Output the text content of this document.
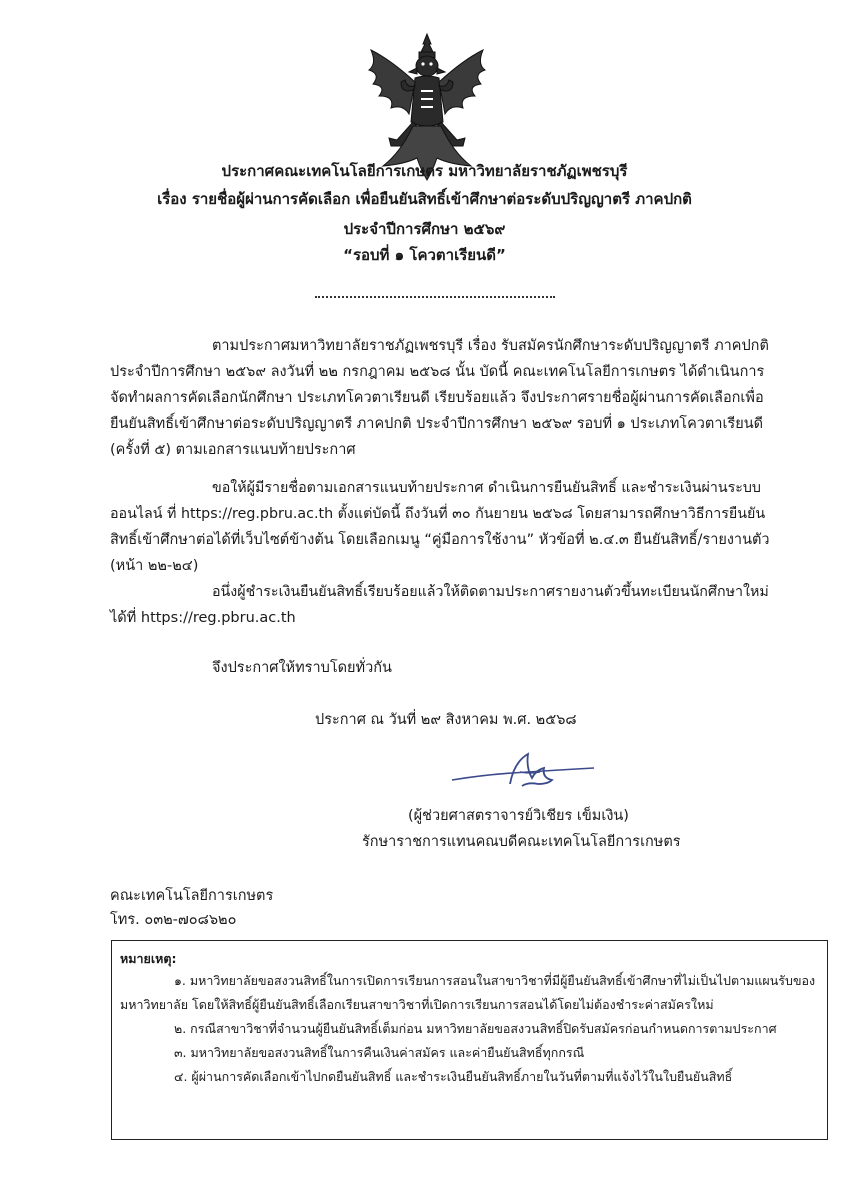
ประกาศคณะเทคโนโลยีการเกษตร มหาวิทยาลัยราชภัฏเพชรบุรี
เรื่อง รายชื่อผู้ผ่านการคัดเลือก เพื่อยืนยันสิทธิ์เข้าศึกษาต่อระดับปริญญาตรี ภาคปกติ
ประจำปีการศึกษา ๒๕๖๙
“รอบที่ ๑ โควตาเรียนดี”
ตามประกาศมหาวิทยาลัยราชภัฏเพชรบุรี เรื่อง รับสมัครนักศึกษาระดับปริญญาตรี ภาคปกติ
ประจำปีการศึกษา ๒๕๖๙ ลงวันที่ ๒๒ กรกฎาคม ๒๕๖๘ นั้น บัดนี้ คณะเทคโนโลยีการเกษตร ได้ดำเนินการ
จัดทำผลการคัดเลือกนักศึกษา ประเภทโควตาเรียนดี เรียบร้อยแล้ว จึงประกาศรายชื่อผู้ผ่านการคัดเลือกเพื่อ
ยืนยันสิทธิ์เข้าศึกษาต่อระดับปริญญาตรี ภาคปกติ ประจำปีการศึกษา ๒๕๖๙ รอบที่ ๑ ประเภทโควตาเรียนดี
(ครั้งที่ ๕) ตามเอกสารแนบท้ายประกาศ
ขอให้ผู้มีรายชื่อตามเอกสารแนบท้ายประกาศ ดำเนินการยืนยันสิทธิ์ และชำระเงินผ่านระบบ
ออนไลน์ ที่ https://reg.pbru.ac.th ตั้งแต่บัดนี้ ถึงวันที่ ๓๐ กันยายน ๒๕๖๘ โดยสามารถศึกษาวิธีการยืนยัน
สิทธิ์เข้าศึกษาต่อได้ที่เว็บไซต์ข้างต้น โดยเลือกเมนู “คู่มือการใช้งาน” หัวข้อที่ ๒.๔.๓ ยืนยันสิทธิ์/รายงานตัว
(หน้า ๒๒-๒๔)
อนึ่งผู้ชำระเงินยืนยันสิทธิ์เรียบร้อยแล้วให้ติดตามประกาศรายงานตัวขึ้นทะเบียนนักศึกษาใหม่
ได้ที่ https://reg.pbru.ac.th
จึงประกาศให้ทราบโดยทั่วกัน
ประกาศ ณ วันที่ ๒๙ สิงหาคม พ.ศ. ๒๕๖๘
(ผู้ช่วยศาสตราจารย์วิเชียร เข็มเงิน)
รักษาราชการแทนคณบดีคณะเทคโนโลยีการเกษตร
คณะเทคโนโลยีการเกษตร
โทร. ๐๓๒-๗๐๘๖๒๐
หมายเหตุ:
๑. มหาวิทยาลัยขอสงวนสิทธิ์ในการเปิดการเรียนการสอนในสาขาวิชาที่มีผู้ยืนยันสิทธิ์เข้าศึกษาที่ไม่เป็นไปตามแผนรับของ
มหาวิทยาลัย โดยให้สิทธิ์ผู้ยืนยันสิทธิ์เลือกเรียนสาขาวิชาที่เปิดการเรียนการสอนได้โดยไม่ต้องชำระค่าสมัครใหม่
๒. กรณีสาขาวิชาที่จำนวนผู้ยืนยันสิทธิ์เต็มก่อน มหาวิทยาลัยขอสงวนสิทธิ์ปิดรับสมัครก่อนกำหนดการตามประกาศ
๓. มหาวิทยาลัยขอสงวนสิทธิ์ในการคืนเงินค่าสมัคร และค่ายืนยันสิทธิ์ทุกกรณี
๔. ผู้ผ่านการคัดเลือกเข้าไปกดยืนยันสิทธิ์ และชำระเงินยืนยันสิทธิ์ภายในวันที่ตามที่แจ้งไว้ในใบยืนยันสิทธิ์
